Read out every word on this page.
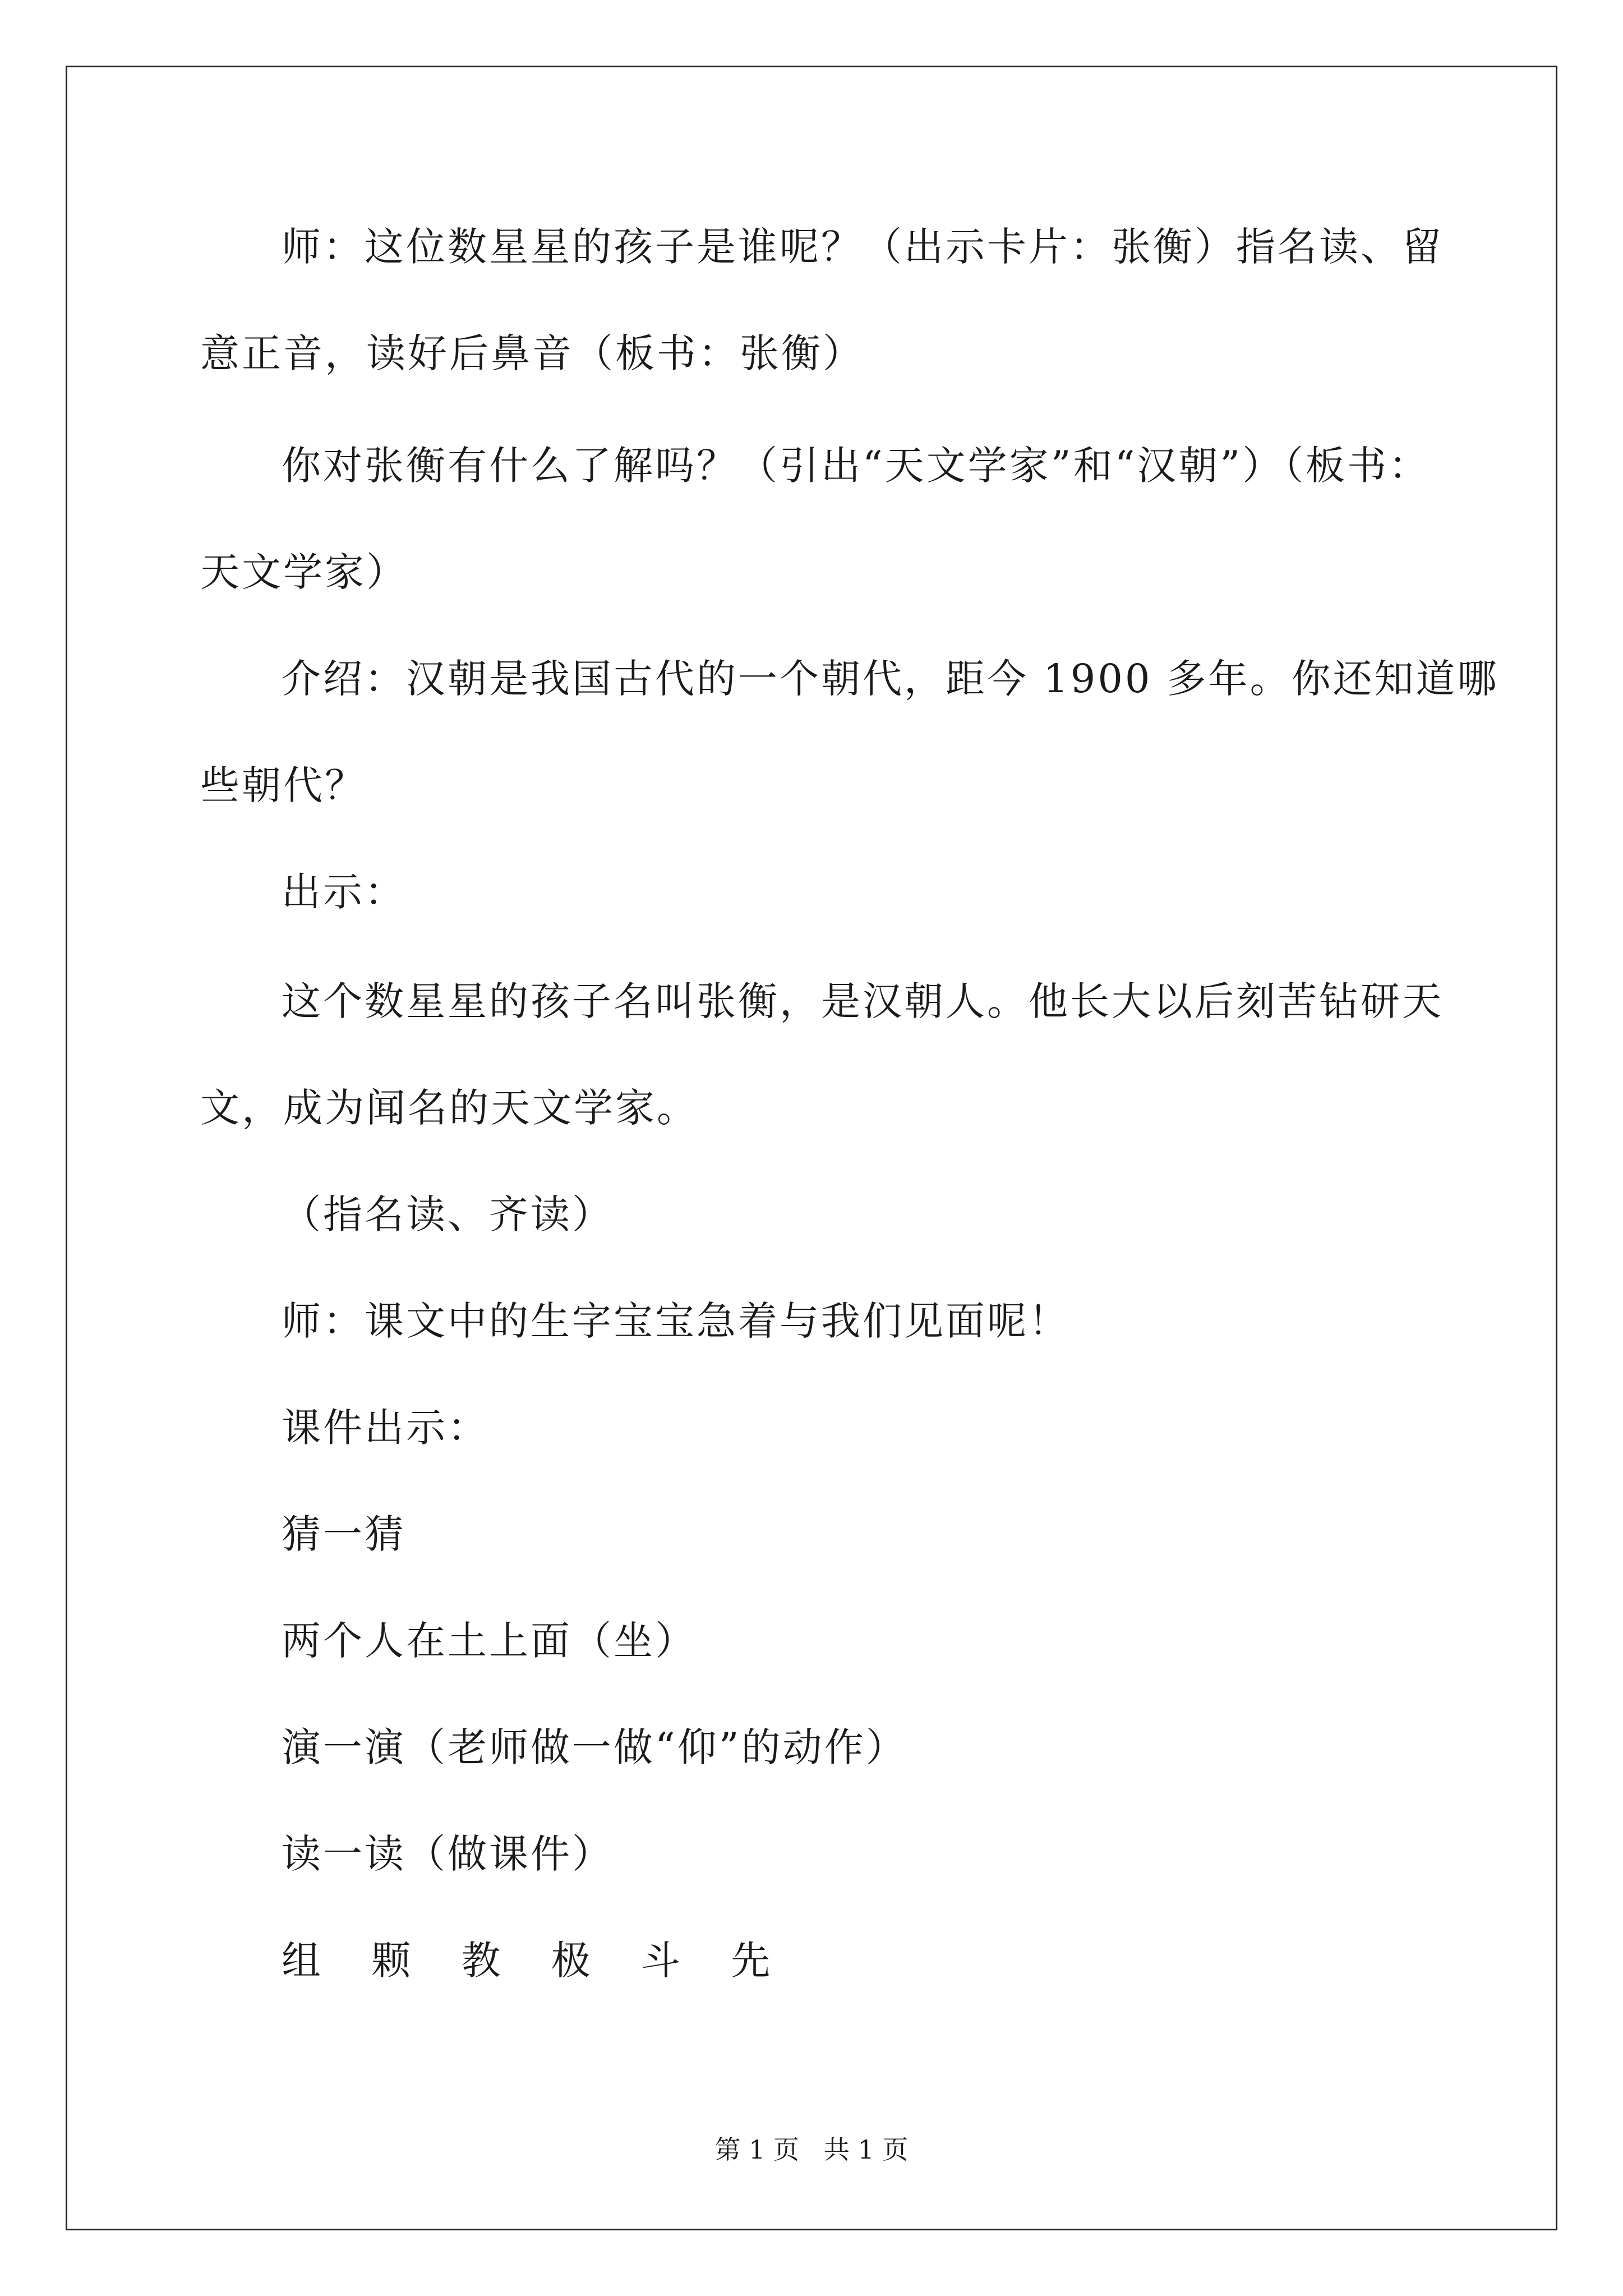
师：这位数星星的孩子是谁呢？（出示卡片：张衡）指名读、留
意正音，读好后鼻音（板书：张衡）
你对张衡有什么了解吗？（引出“天文学家”和“汉朝”）（板书：
天文学家）
介绍：汉朝是我国古代的一个朝代，距今 1900 多年。你还知道哪
些朝代？
出示：
这个数星星的孩子名叫张衡，是汉朝人。他长大以后刻苦钻研天
文，成为闻名的天文学家。
（指名读、齐读）
师：课文中的生字宝宝急着与我们见面呢！
课件出示：
猜一猜
两个人在土上面（坐）
演一演（老师做一做“仰”的动作）
读一读（做课件）
组 颗 教 极 斗 先
第 1 页   共 1 页
